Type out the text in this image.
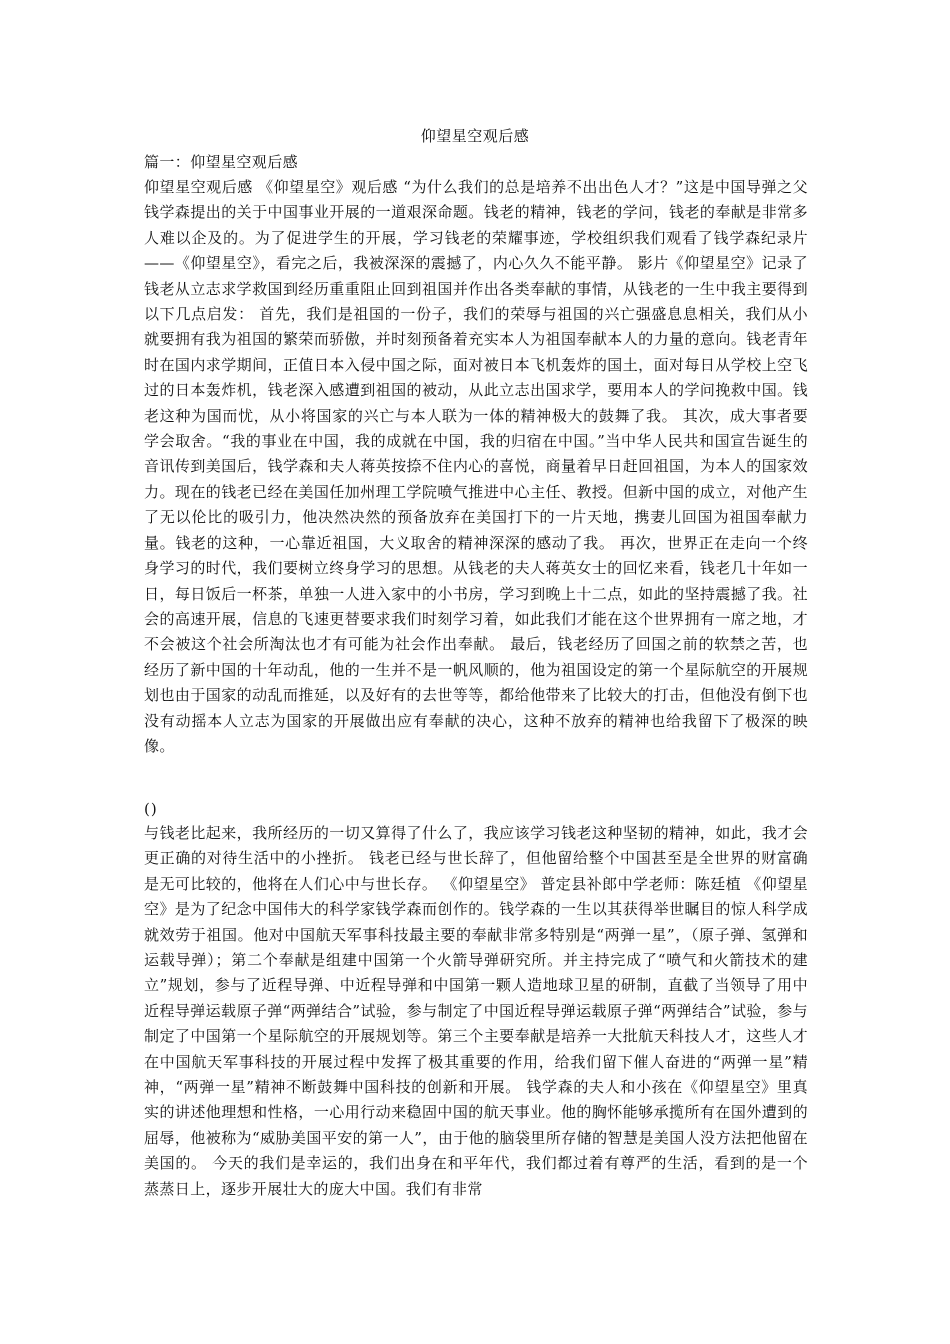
仰望星空观后感
篇一：仰望星空观后感
仰望星空观后感 《仰望星空》观后感 “为什么我们的总是培养不出出色人才？”这是中国导弹之父钱学森提出的关于中国事业开展的一道艰深命题。钱老的精神，钱老的学问，钱老的奉献是非常多人难以企及的。为了促进学生的开展，学习钱老的荣耀事迹，学校组织我们观看了钱学森纪录片——《仰望星空》，看完之后，我被深深的震撼了，内心久久不能平静。 影片《仰望星空》记录了钱老从立志求学救国到经历重重阻止回到祖国并作出各类奉献的事情，从钱老的一生中我主要得到以下几点启发： 首先，我们是祖国的一份子，我们的荣辱与祖国的兴亡强盛息息相关，我们从小就要拥有我为祖国的繁荣而骄傲，并时刻预备着充实本人为祖国奉献本人的力量的意向。钱老青年时在国内求学期间，正值日本入侵中国之际，面对被日本飞机轰炸的国土，面对每日从学校上空飞过的日本轰炸机，钱老深入感遭到祖国的被动，从此立志出国求学，要用本人的学问挽救中国。钱老这种为国而忧，从小将国家的兴亡与本人联为一体的精神极大的鼓舞了我。 其次，成大事者要学会取舍。“我的事业在中国，我的成就在中国，我的归宿在中国。”当中华人民共和国宣告诞生的音讯传到美国后，钱学森和夫人蒋英按捺不住内心的喜悦，商量着早日赶回祖国，为本人的国家效力。现在的钱老已经在美国任加州理工学院喷气推进中心主任、教授。但新中国的成立，对他产生了无以伦比的吸引力，他决然决然的预备放弃在美国打下的一片天地，携妻儿回国为祖国奉献力量。钱老的这种，一心靠近祖国，大义取舍的精神深深的感动了我。 再次，世界正在走向一个终身学习的时代，我们要树立终身学习的思想。从钱老的夫人蒋英女士的回忆来看，钱老几十年如一日，每日饭后一杯茶，单独一人进入家中的小书房，学习到晚上十二点，如此的坚持震撼了我。社会的高速开展，信息的飞速更替要求我们时刻学习着，如此我们才能在这个世界拥有一席之地，才不会被这个社会所淘汰也才有可能为社会作出奉献。 最后，钱老经历了回国之前的软禁之苦，也经历了新中国的十年动乱，他的一生并不是一帆风顺的，他为祖国设定的第一个星际航空的开展规划也由于国家的动乱而推延，以及好有的去世等等，都给他带来了比较大的打击，但他没有倒下也没有动摇本人立志为国家的开展做出应有奉献的决心，这种不放弃的精神也给我留下了极深的映像。
()
与钱老比起来，我所经历的一切又算得了什么了，我应该学习钱老这种坚韧的精神，如此，我才会更正确的对待生活中的小挫折。 钱老已经与世长辞了，但他留给整个中国甚至是全世界的财富确是无可比较的，他将在人们心中与世长存。 《仰望星空》 普定县补郎中学老师：陈廷植 《仰望星空》是为了纪念中国伟大的科学家钱学森而创作的。钱学森的一生以其获得举世瞩目的惊人科学成就效劳于祖国。他对中国航天军事科技最主要的奉献非常多特别是“两弹一星”，（原子弹、氢弹和运载导弹）；第二个奉献是组建中国第一个火箭导弹研究所。并主持完成了“喷气和火箭技术的建立”规划，参与了近程导弹、中近程导弹和中国第一颗人造地球卫星的研制，直截了当领导了用中近程导弹运载原子弹“两弹结合”试验，参与制定了中国近程导弹运载原子弹“两弹结合”试验，参与制定了中国第一个星际航空的开展规划等。第三个主要奉献是培养一大批航天科技人才，这些人才在中国航天军事科技的开展过程中发挥了极其重要的作用，给我们留下催人奋进的“两弹一星”精神，“两弹一星”精神不断鼓舞中国科技的创新和开展。 钱学森的夫人和小孩在《仰望星空》里真实的讲述他理想和性格，一心用行动来稳固中国的航天事业。他的胸怀能够承揽所有在国外遭到的屈辱，他被称为“威胁美国平安的第一人”，由于他的脑袋里所存储的智慧是美国人没方法把他留在美国的。 今天的我们是幸运的，我们出身在和平年代，我们都过着有尊严的生活，看到的是一个蒸蒸日上，逐步开展壮大的庞大中国。我们有非常
